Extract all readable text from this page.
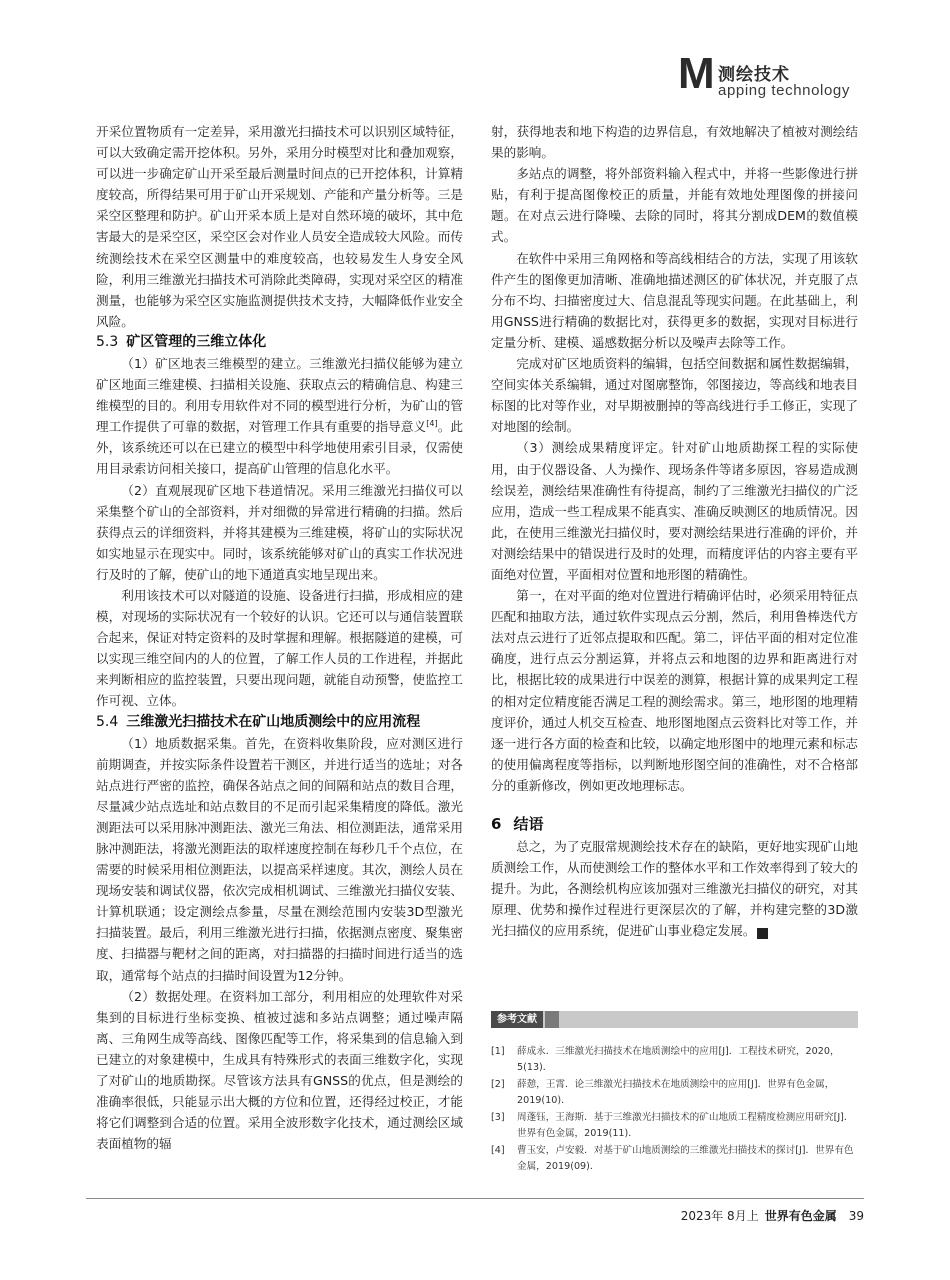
M 测绘技术
apping technology

开采位置物质有一定差异，采用激光扫描技术可以识别区域特征，可以大致确定需开挖体积。另外，采用分时模型对比和叠加观察，可以进一步确定矿山开采至最后测量时间点的已开挖体积，计算精度较高，所得结果可用于矿山开采规划、产能和产量分析等。三是采空区整理和防护。矿山开采本质上是对自然环境的破坏，其中危害最大的是采空区，采空区会对作业人员安全造成较大风险。而传统测绘技术在采空区测量中的难度较高，也较易发生人身安全风险，利用三维激光扫描技术可消除此类障碍，实现对采空区的精准测量，也能够为采空区实施监测提供技术支持，大幅降低作业安全风险。

5.3 矿区管理的三维立体化

（1）矿区地表三维模型的建立。三维激光扫描仪能够为建立矿区地面三维建模、扫描相关设施、获取点云的精确信息、构建三维模型的目的。利用专用软件对不同的模型进行分析，为矿山的管理工作提供了可靠的数据，对管理工作具有重要的指导意义[4]。此外，该系统还可以在已建立的模型中科学地使用索引目录，仅需使用目录索访问相关接口，提高矿山管理的信息化水平。

（2）直观展现矿区地下巷道情况。采用三维激光扫描仪可以采集整个矿山的全部资料，并对细微的异常进行精确的扫描。然后获得点云的详细资料，并将其建模为三维建模，将矿山的实际状况如实地显示在现实中。同时，该系统能够对矿山的真实工作状况进行及时的了解，使矿山的地下通道真实地呈现出来。

利用该技术可以对隧道的设施、设备进行扫描，形成相应的建模，对现场的实际状况有一个较好的认识。它还可以与通信装置联合起来，保证对特定资料的及时掌握和理解。根据隧道的建模，可以实现三维空间内的人的位置，了解工作人员的工作进程，并据此来判断相应的监控装置，只要出现问题，就能自动预警，使监控工作可视、立体。

5.4 三维激光扫描技术在矿山地质测绘中的应用流程

（1）地质数据采集。首先，在资料收集阶段，应对测区进行前期调查，并按实际条件设置若干测区，并进行适当的选址；对各站点进行严密的监控，确保各站点之间的间隔和站点的数目合理，尽量减少站点选址和站点数目的不足而引起采集精度的降低。激光测距法可以采用脉冲测距法、激光三角法、相位测距法，通常采用脉冲测距法，将激光测距法的取样速度控制在每秒几千个点位，在需要的时候采用相位测距法，以提高采样速度。其次，测绘人员在现场安装和调试仪器，依次完成相机调试、三维激光扫描仪安装、计算机联通；设定测绘点参量，尽量在测绘范围内安装3D型激光扫描装置。最后，利用三维激光进行扫描，依据测点密度、聚集密度、扫描器与靶材之间的距离，对扫描器的扫描时间进行适当的选取，通常每个站点的扫描时间设置为12分钟。

（2）数据处理。在资料加工部分，利用相应的处理软件对采集到的目标进行坐标变换、植被过滤和多站点调整；通过噪声隔离、三角网生成等高线、图像匹配等工作，将采集到的信息输入到已建立的对象建模中，生成具有特殊形式的表面三维数字化，实现了对矿山的地质勘探。尽管该方法具有GNSS的优点，但是测绘的准确率很低，只能显示出大概的方位和位置，还得经过校正，才能将它们调整到合适的位置。采用全波形数字化技术，通过测绘区域表面植物的辐

射，获得地表和地下构造的边界信息，有效地解决了植被对测绘结果的影响。

多站点的调整，将外部资料输入程式中，并将一些影像进行拼贴，有利于提高图像校正的质量，并能有效地处理图像的拼接问题。在对点云进行降噪、去除的同时，将其分割成DEM的数值模式。

在软件中采用三角网格和等高线相结合的方法，实现了用该软件产生的图像更加清晰、准确地描述测区的矿体状况，并克服了点分布不均、扫描密度过大、信息混乱等现实问题。在此基础上，利用GNSS进行精确的数据比对，获得更多的数据，实现对目标进行定量分析、建模、遥感数据分析以及噪声去除等工作。

完成对矿区地质资料的编辑，包括空间数据和属性数据编辑，空间实体关系编辑，通过对图廓整饰，邻图接边，等高线和地表目标图的比对等作业，对早期被删掉的等高线进行手工修正，实现了对地图的绘制。

（3）测绘成果精度评定。针对矿山地质勘探工程的实际使用，由于仪器设备、人为操作、现场条件等诸多原因，容易造成测绘误差，测绘结果准确性有待提高，制约了三维激光扫描仪的广泛应用，造成一些工程成果不能真实、准确反映测区的地质情况。因此，在使用三维激光扫描仪时，要对测绘结果进行准确的评价，并对测绘结果中的错误进行及时的处理，而精度评估的内容主要有平面绝对位置，平面相对位置和地形图的精确性。

第一，在对平面的绝对位置进行精确评估时，必须采用特征点匹配和抽取方法，通过软件实现点云分割，然后，利用鲁棒迭代方法对点云进行了近邻点提取和匹配。第二，评估平面的相对定位准确度，进行点云分割运算，并将点云和地图的边界和距离进行对比，根据比较的成果进行中误差的测算，根据计算的成果判定工程的相对定位精度能否满足工程的测绘需求。第三，地形图的地理精度评价，通过人机交互检查、地形图地图点云资料比对等工作，并逐一进行各方面的检查和比较，以确定地形图中的地理元素和标志的使用偏离程度等指标，以判断地形图空间的准确性，对不合格部分的重新修改，例如更改地理标志。

6 结语

总之，为了克服常规测绘技术存在的缺陷，更好地实现矿山地质测绘工作，从而使测绘工作的整体水平和工作效率得到了较大的提升。为此，各测绘机构应该加强对三维激光扫描仪的研究，对其原理、优势和操作过程进行更深层次的了解，并构建完整的3D激光扫描仪的应用系统，促进矿山事业稳定发展。	E

参考文献
[1] 薛成永．三维激光扫描技术在地质测绘中的应用[J]．工程技术研究，2020，5(13)．
[2] 薛憩，王霄．论三维激光扫描技术在地质测绘中的应用[J]．世界有色金属，2019(10)．
[3] 周蓬钰，王海斯．基于三维激光扫描技术的矿山地质工程精度检测应用研究[J]．世界有色金属，2019(11)．
[4] 曹玉安，卢安毅．对基于矿山地质测绘的三维激光扫描技术的探讨[J]．世界有色金属，2019(09)．
2023年 8月上 世界有色金属 39
